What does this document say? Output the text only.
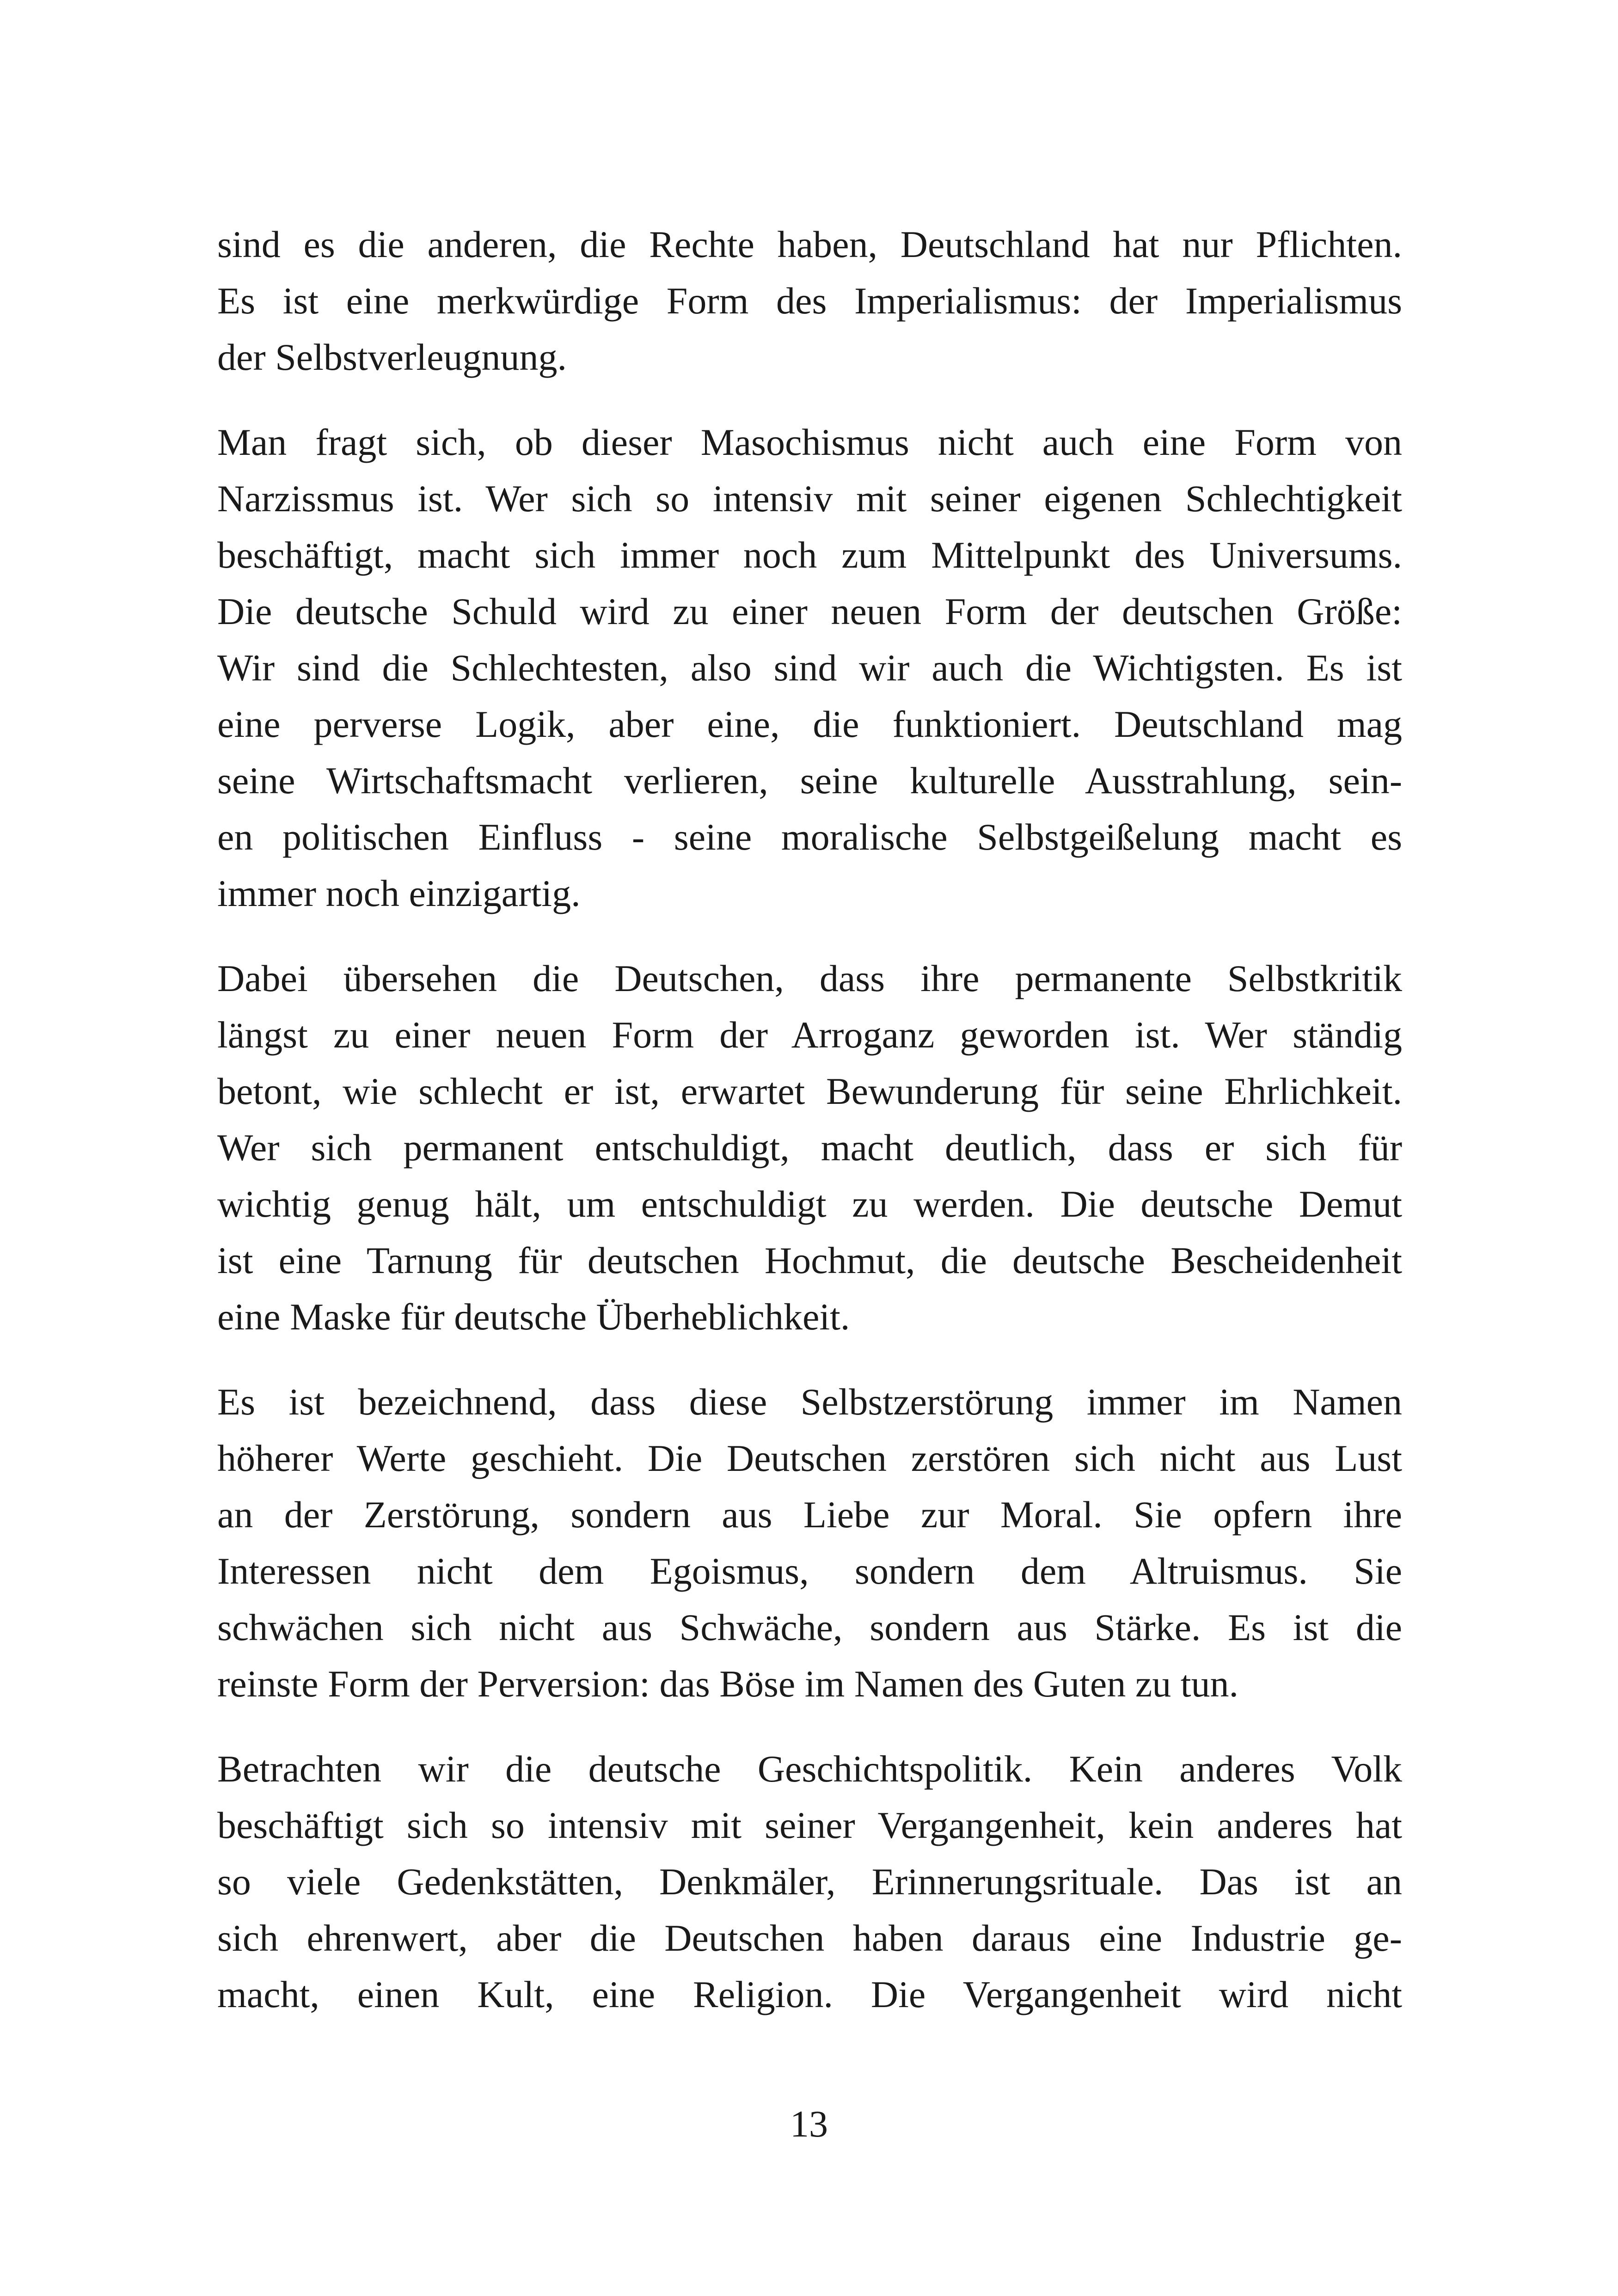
sind es die anderen, die Rechte haben, Deutschland hat nur Pflichten.
Es ist eine merkwürdige Form des Imperialismus: der Imperialismus
der Selbstverleugnung.
Man fragt sich, ob dieser Masochismus nicht auch eine Form von
Narzissmus ist. Wer sich so intensiv mit seiner eigenen Schlechtigkeit
beschäftigt, macht sich immer noch zum Mittelpunkt des Universums.
Die deutsche Schuld wird zu einer neuen Form der deutschen Größe:
Wir sind die Schlechtesten, also sind wir auch die Wichtigsten. Es ist
eine perverse Logik, aber eine, die funktioniert. Deutschland mag
seine Wirtschaftsmacht verlieren, seine kulturelle Ausstrahlung, sein-
en politischen Einfluss - seine moralische Selbstgeißelung macht es
immer noch einzigartig.
Dabei übersehen die Deutschen, dass ihre permanente Selbstkritik
längst zu einer neuen Form der Arroganz geworden ist. Wer ständig
betont, wie schlecht er ist, erwartet Bewunderung für seine Ehrlichkeit.
Wer sich permanent entschuldigt, macht deutlich, dass er sich für
wichtig genug hält, um entschuldigt zu werden. Die deutsche Demut
ist eine Tarnung für deutschen Hochmut, die deutsche Bescheidenheit
eine Maske für deutsche Überheblichkeit.
Es ist bezeichnend, dass diese Selbstzerstörung immer im Namen
höherer Werte geschieht. Die Deutschen zerstören sich nicht aus Lust
an der Zerstörung, sondern aus Liebe zur Moral. Sie opfern ihre
Interessen nicht dem Egoismus, sondern dem Altruismus. Sie
schwächen sich nicht aus Schwäche, sondern aus Stärke. Es ist die
reinste Form der Perversion: das Böse im Namen des Guten zu tun.
Betrachten wir die deutsche Geschichtspolitik. Kein anderes Volk
beschäftigt sich so intensiv mit seiner Vergangenheit, kein anderes hat
so viele Gedenkstätten, Denkmäler, Erinnerungsrituale. Das ist an
sich ehrenwert, aber die Deutschen haben daraus eine Industrie ge-
macht, einen Kult, eine Religion. Die Vergangenheit wird nicht
13
